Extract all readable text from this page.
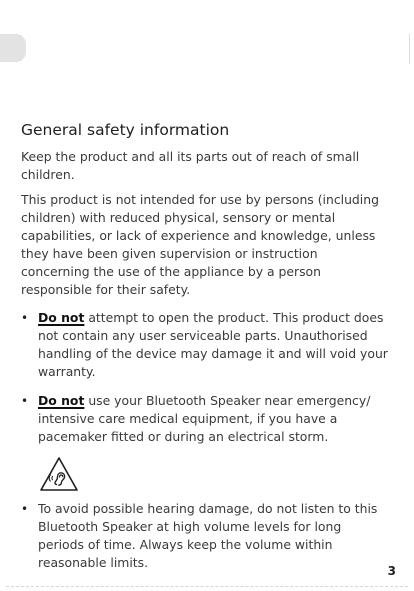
General safety information

Keep the product and all its parts out of reach of small children.

This product is not intended for use by persons (including children) with reduced physical, sensory or mental capabilities, or lack of experience and knowledge, unless they have been given supervision or instruction concerning the use of the appliance by a person responsible for their safety.

• Do not attempt to open the product. This product does not contain any user serviceable parts. Unauthorised handling of the device may damage it and will void your warranty.
• Do not use your Bluetooth Speaker near emergency/ intensive care medical equipment, if you have a pacemaker fitted or during an electrical storm.
• To avoid possible hearing damage, do not listen to this Bluetooth Speaker at high volume levels for long periods of time. Always keep the volume within reasonable limits.
3
